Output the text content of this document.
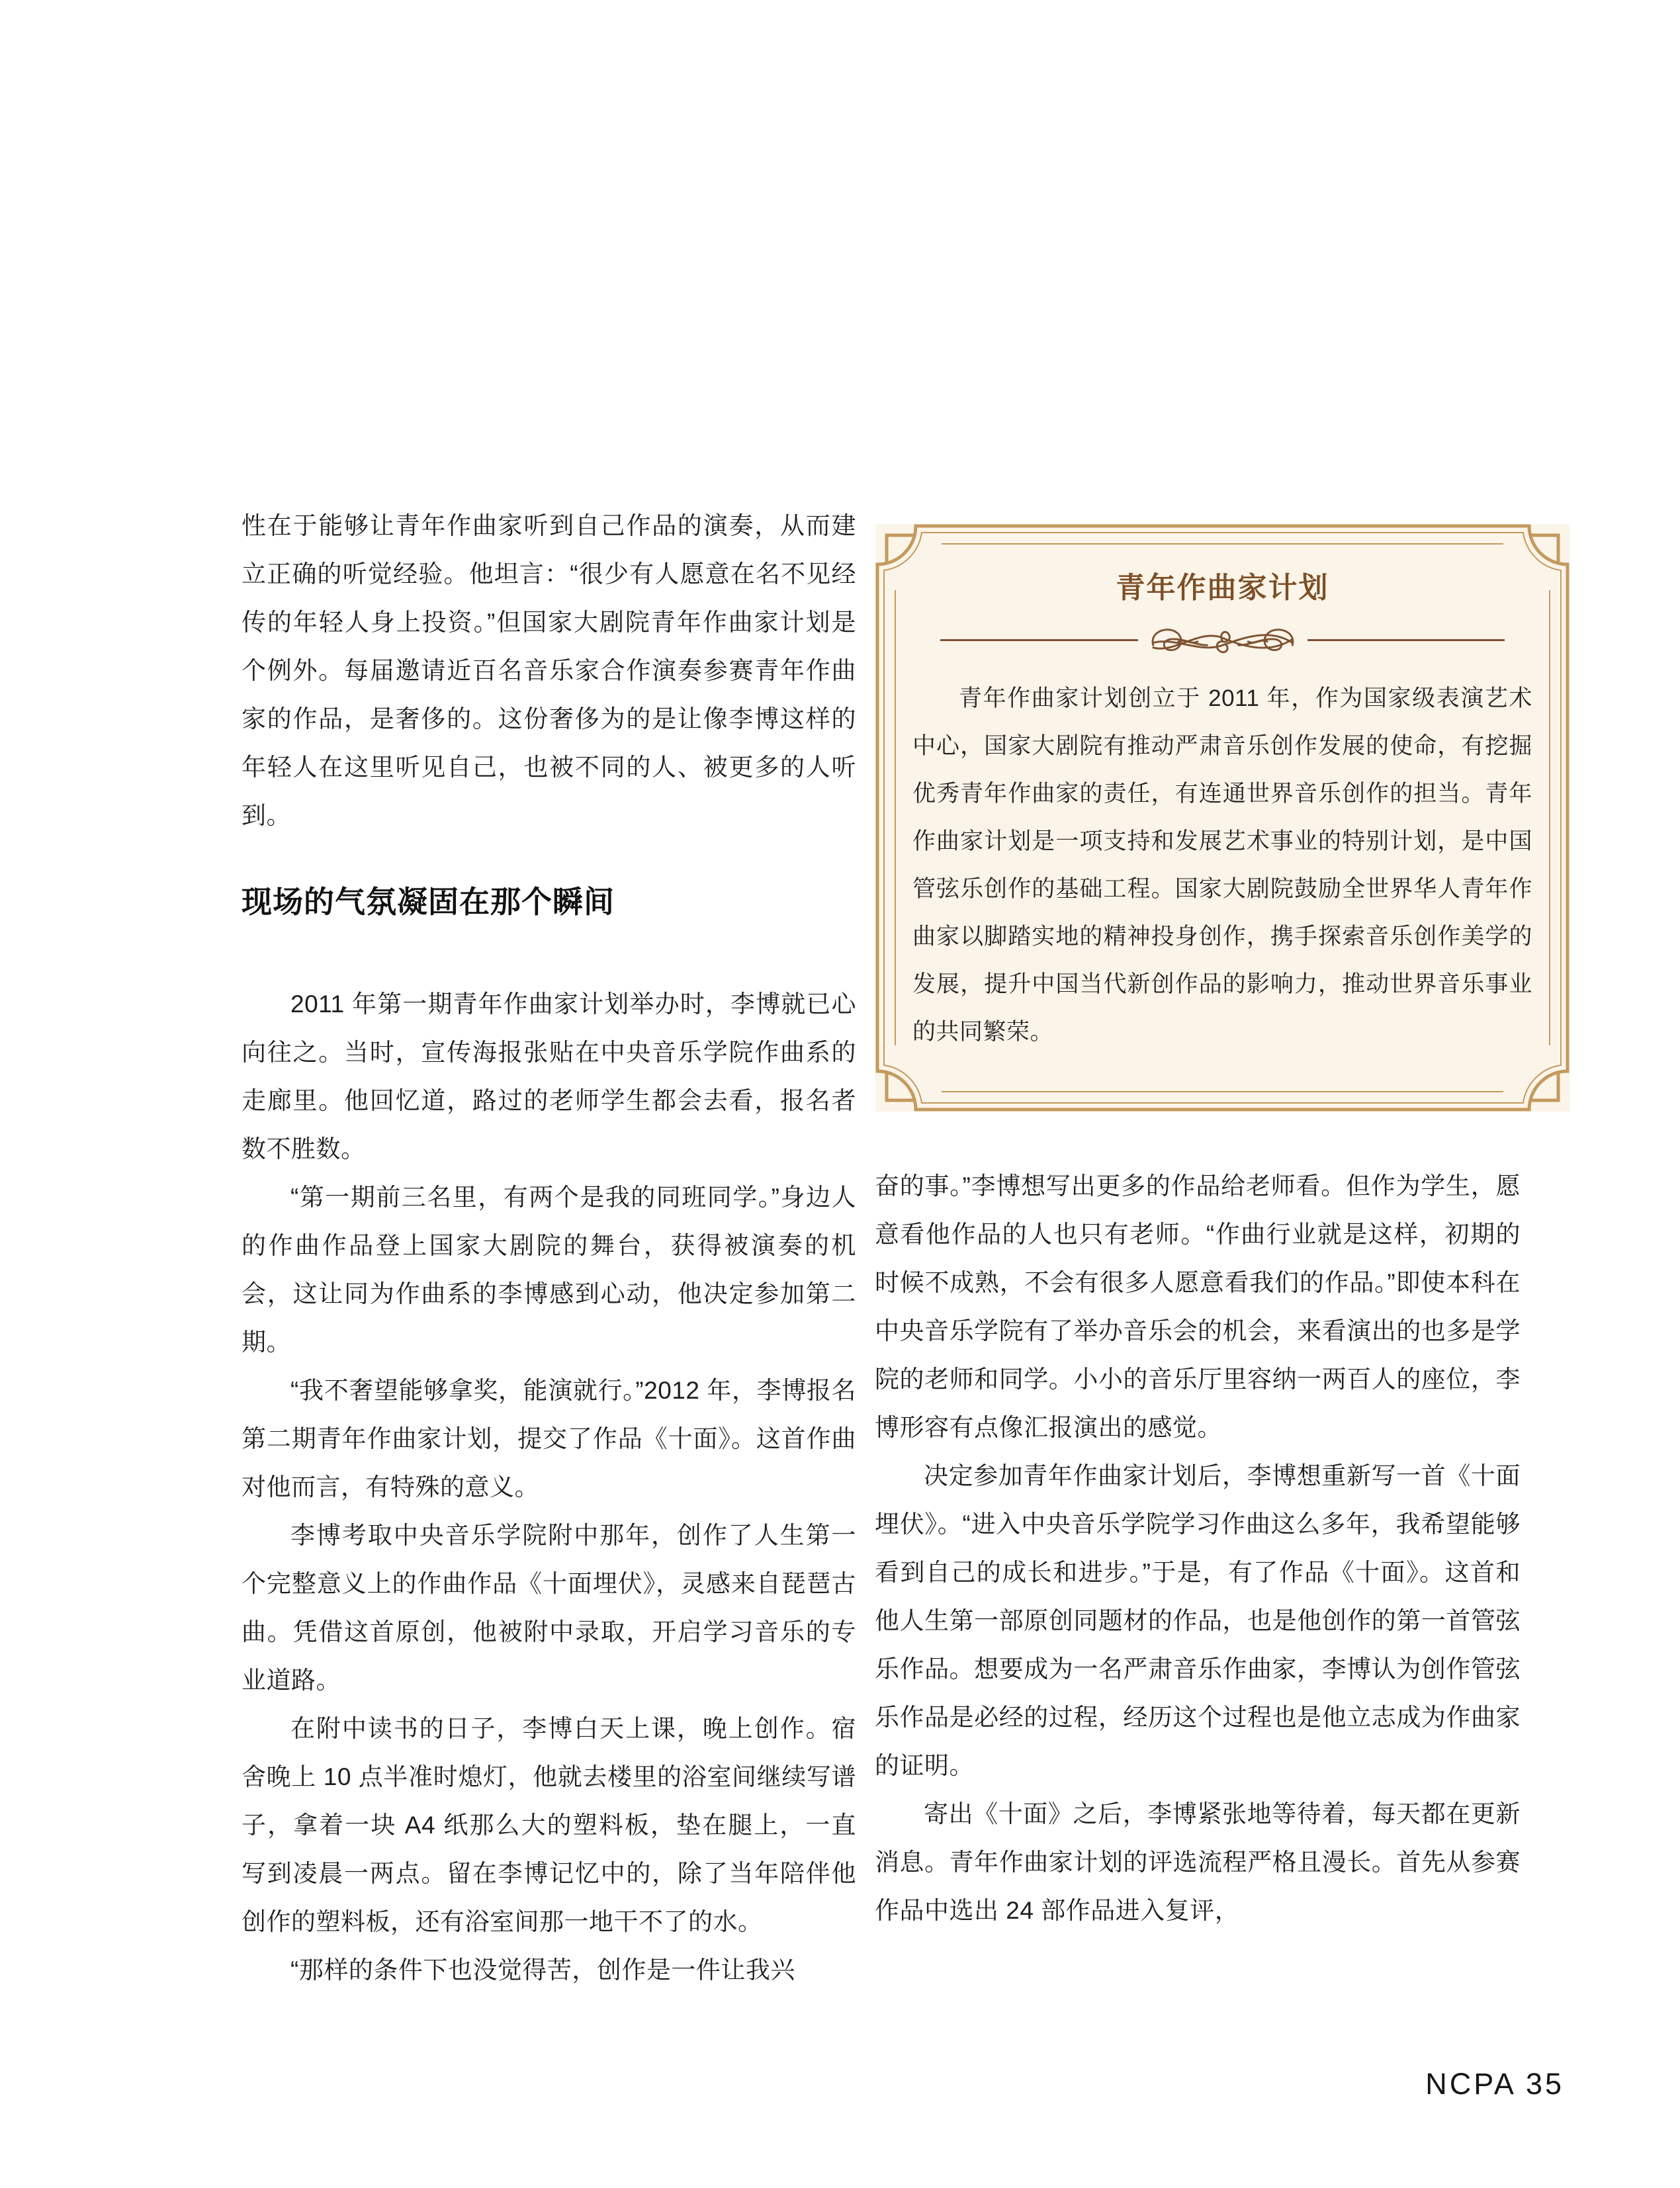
性在于能够让青年作曲家听到自己作品的演奏，从而建立正确的听觉经验。他坦言：“很少有人愿意在名不见经传的年轻人身上投资。”但国家大剧院青年作曲家计划是个例外。每届邀请近百名音乐家合作演奏参赛青年作曲家的作品，是奢侈的。这份奢侈为的是让像李博这样的年轻人在这里听见自己，也被不同的人、被更多的人听到。

现场的气氛凝固在那个瞬间

2011 年第一期青年作曲家计划举办时，李博就已心向往之。当时，宣传海报张贴在中央音乐学院作曲系的走廊里。他回忆道，路过的老师学生都会去看，报名者数不胜数。

“第一期前三名里，有两个是我的同班同学。”身边人的作曲作品登上国家大剧院的舞台，获得被演奏的机会，这让同为作曲系的李博感到心动，他决定参加第二期。

“我不奢望能够拿奖，能演就行。”2012 年，李博报名第二期青年作曲家计划，提交了作品《十面》。这首作曲对他而言，有特殊的意义。

李博考取中央音乐学院附中那年，创作了人生第一个完整意义上的作曲作品《十面埋伏》，灵感来自琵琶古曲。凭借这首原创，他被附中录取，开启学习音乐的专业道路。

在附中读书的日子，李博白天上课，晚上创作。宿舍晚上 10 点半准时熄灯，他就去楼里的浴室间继续写谱子，拿着一块 A4 纸那么大的塑料板，垫在腿上，一直写到凌晨一两点。留在李博记忆中的，除了当年陪伴他创作的塑料板，还有浴室间那一地干不了的水。

“那样的条件下也没觉得苦，创作是一件让我兴

青年作曲家计划

青年作曲家计划创立于 2011 年，作为国家级表演艺术中心，国家大剧院有推动严肃音乐创作发展的使命，有挖掘优秀青年作曲家的责任，有连通世界音乐创作的担当。青年作曲家计划是一项支持和发展艺术事业的特别计划，是中国管弦乐创作的基础工程。国家大剧院鼓励全世界华人青年作曲家以脚踏实地的精神投身创作，携手探索音乐创作美学的发展，提升中国当代新创作品的影响力，推动世界音乐事业的共同繁荣。

奋的事。”李博想写出更多的作品给老师看。但作为学生，愿意看他作品的人也只有老师。“作曲行业就是这样，初期的时候不成熟，不会有很多人愿意看我们的作品。”即使本科在中央音乐学院有了举办音乐会的机会，来看演出的也多是学院的老师和同学。小小的音乐厅里容纳一两百人的座位，李博形容有点像汇报演出的感觉。

决定参加青年作曲家计划后，李博想重新写一首《十面埋伏》。“进入中央音乐学院学习作曲这么多年，我希望能够看到自己的成长和进步。”于是，有了作品《十面》。这首和他人生第一部原创同题材的作品，也是他创作的第一首管弦乐作品。想要成为一名严肃音乐作曲家，李博认为创作管弦乐作品是必经的过程，经历这个过程也是他立志成为作曲家的证明。

寄出《十面》之后，李博紧张地等待着，每天都在更新消息。青年作曲家计划的评选流程严格且漫长。首先从参赛作品中选出 24 部作品进入复评，

NCPA 35
